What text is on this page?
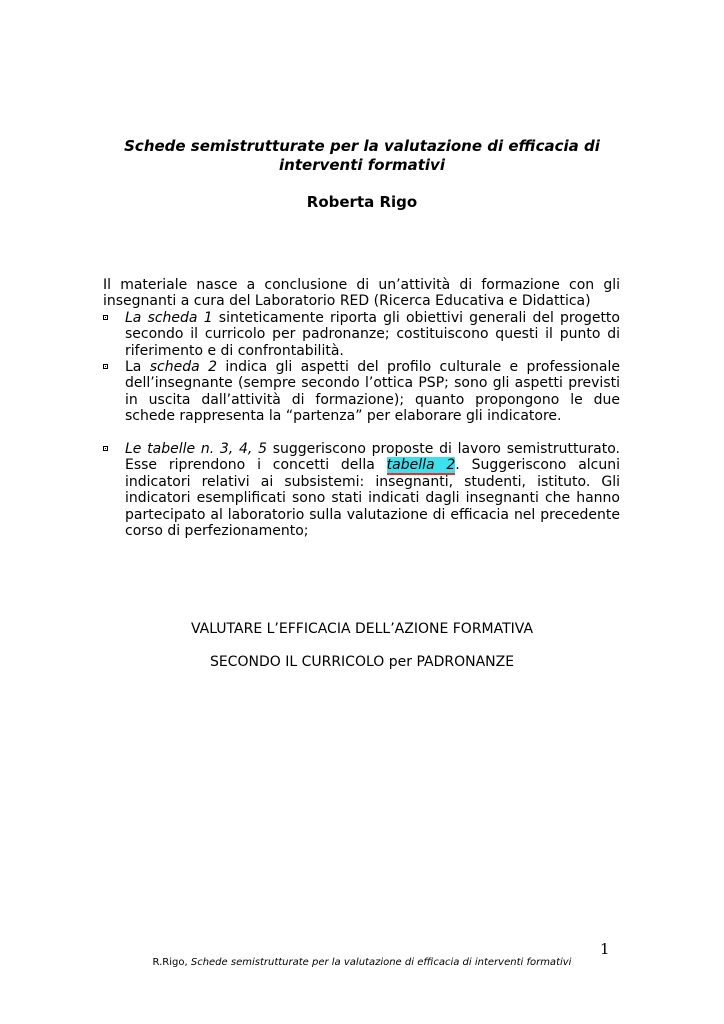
Schede semistrutturate per la valutazione di efficacia di
interventi formativi
Roberta Rigo
Il materiale nasce a conclusione di un’attività di formazione con gli insegnanti a cura del Laboratorio RED (Ricerca Educativa e Didattica)
La scheda 1 sinteticamente riporta gli obiettivi generali del progetto secondo il curricolo per padronanze; costituiscono questi il punto di riferimento e di confrontabilità.
La scheda 2 indica gli aspetti del profilo culturale e professionale dell’insegnante (sempre secondo l’ottica PSP; sono gli aspetti previsti in uscita dall’attività di formazione); quanto propongono le due schede rappresenta la “partenza” per elaborare gli indicatore.
Le tabelle n. 3, 4, 5 suggeriscono proposte di lavoro semistrutturato. Esse riprendono i concetti della tabella 2. Suggeriscono alcuni indicatori relativi ai subsistemi: insegnanti, studenti, istituto. Gli indicatori esemplificati sono stati indicati dagli insegnanti che hanno partecipato al laboratorio sulla valutazione di efficacia nel precedente corso di perfezionamento;
VALUTARE L’EFFICACIA DELL’AZIONE FORMATIVA
SECONDO IL CURRICOLO per PADRONANZE
1
R.Rigo, Schede semistrutturate per la valutazione di efficacia di interventi formativi
